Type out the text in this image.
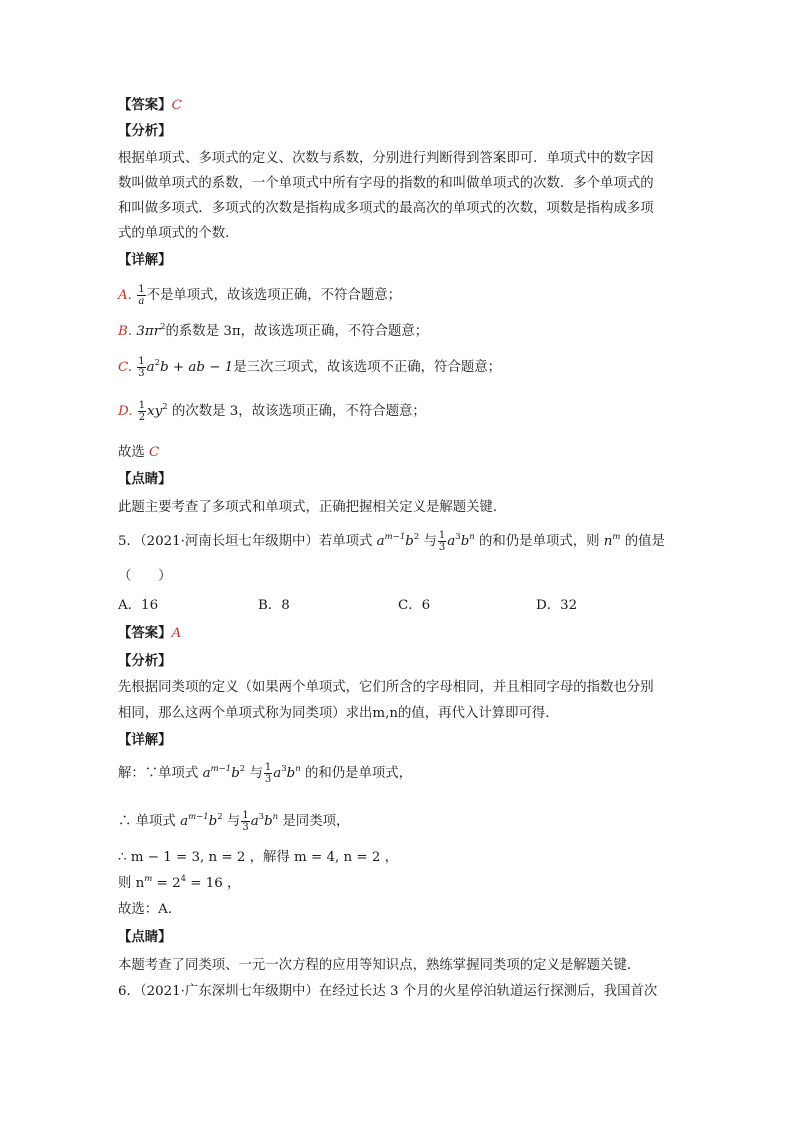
【答案】C
【分析】
根据单项式、多项式的定义、次数与系数，分别进行判断得到答案即可．单项式中的数字因
数叫做单项式的系数，一个单项式中所有字母的指数的和叫做单项式的次数．多个单项式的
和叫做多项式．多项式的次数是指构成多项式的最高次的单项式的次数，项数是指构成多项
式的单项式的个数．
【详解】
A. $\frac{1}{a}$ 不是单项式，故该选项正确，不符合题意；
B. $3\pi r^2$的系数是 3π，故该选项正确，不符合题意；
C. $\frac{1}{3} a^2b$ + ab − 1是三次三项式，故该选项不正确，符合题意；
D. $\frac{1}{2} xy^2$ 的次数是 3，故该选项正确，不符合题意；
故选 C
【点睛】
此题主要考查了多项式和单项式，正确把握相关定义是解题关键．
5．（2021·河南长垣七年级期中）若单项式 $a^{m-1}b^2$ 与 $\frac{1}{3} a^3b^n$ 的和仍是单项式，则 $n^m$ 的值是
（　　）
A．16	B．8	C．6	D．32
【答案】A
【分析】
先根据同类项的定义（如果两个单项式，它们所含的字母相同，并且相同字母的指数也分别
相同，那么这两个单项式称为同类项）求出m,n的值，再代入计算即可得．
【详解】
解：∵单项式 $a^{m-1}b^2$ 与 $\frac{1}{3} a^3b^n$ 的和仍是单项式，
∴ 单项式 $a^{m-1}b^2$ 与 $\frac{1}{3} a^3b^n$ 是同类项，
∴ m − 1 = 3, n = 2 ，解得 m = 4, n = 2 ，
则 $n^m = 2^4 = 16$ ，
故选：A．
【点睛】
本题考查了同类项、一元一次方程的应用等知识点，熟练掌握同类项的定义是解题关键．
6．（2021·广东深圳七年级期中）在经过长达 3 个月的火星停泊轨道运行探测后，我国首次
